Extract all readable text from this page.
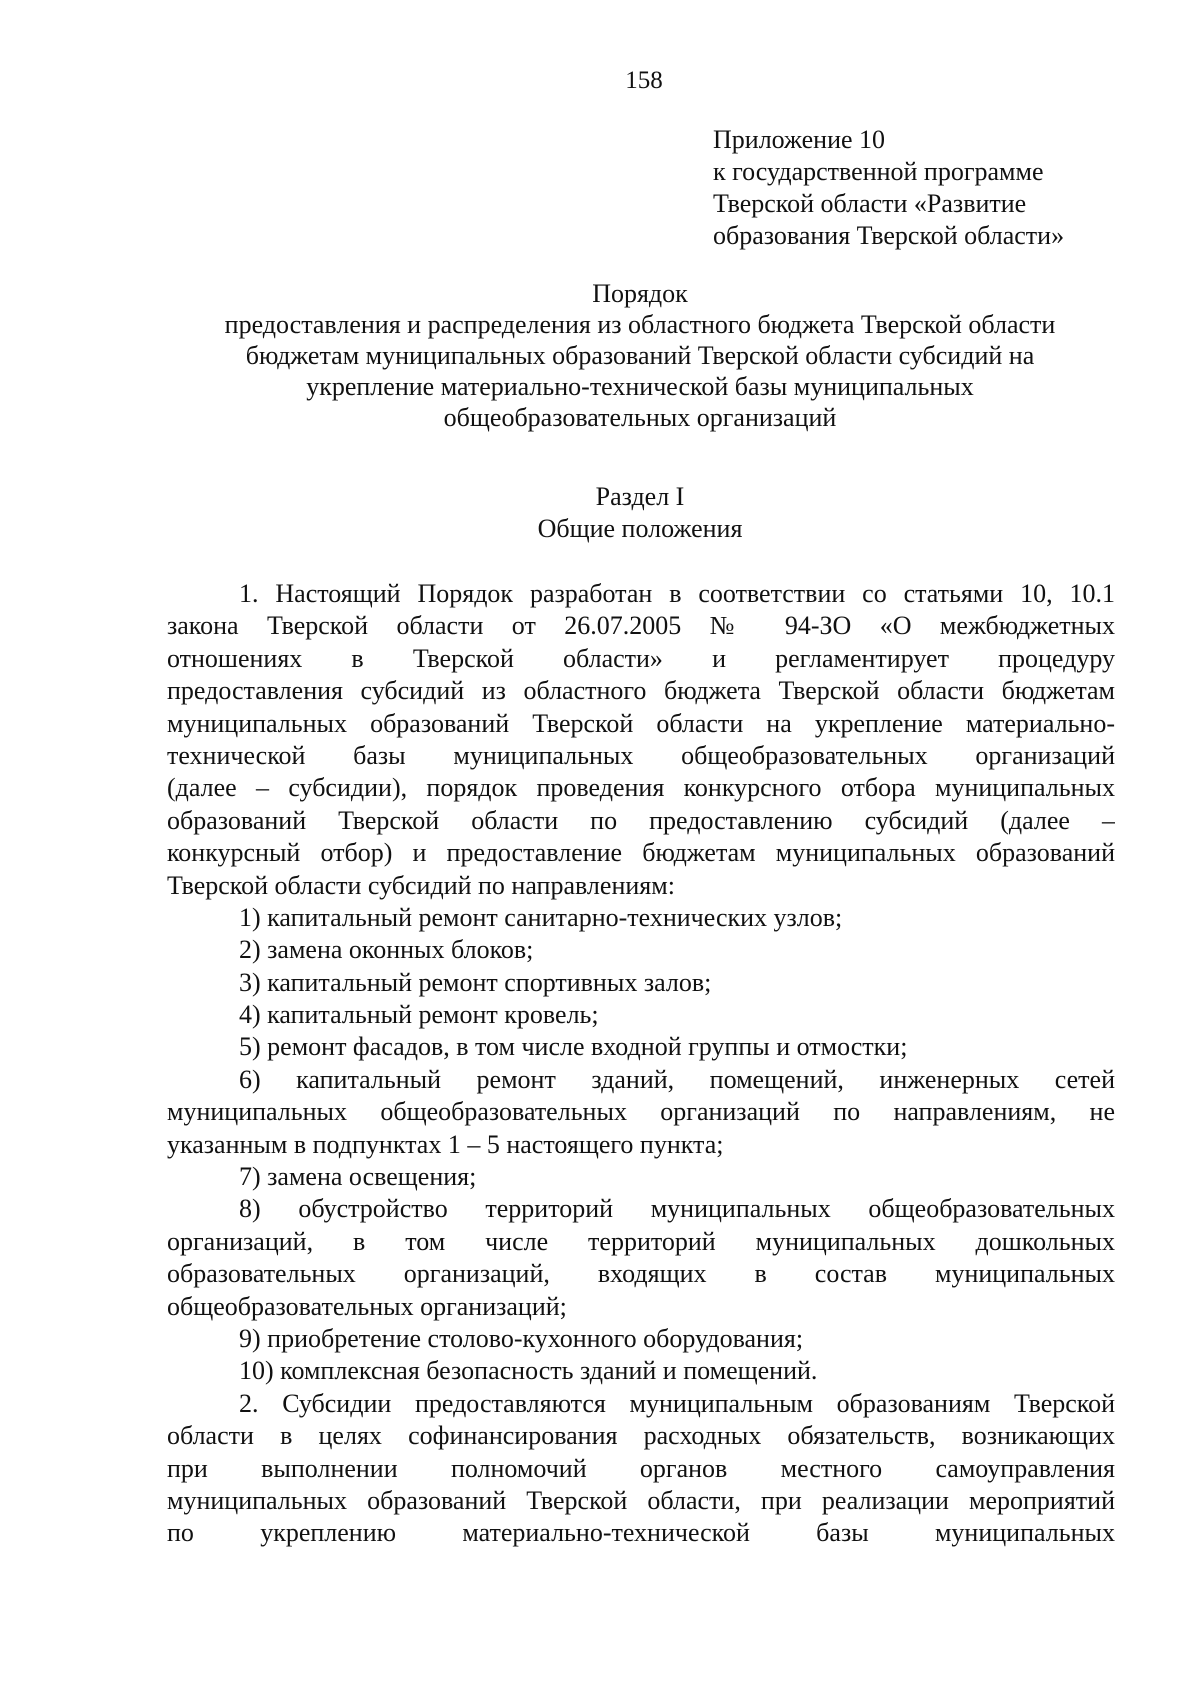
158
Приложение 10
к государственной программе
Тверской области «Развитие
образования Тверской области»
Порядок
предоставления и распределения из областного бюджета Тверской области
бюджетам муниципальных образований Тверской области субсидий на
укрепление материально-технической базы муниципальных
общеобразовательных организаций
Раздел I
Общие положения
1. Настоящий Порядок разработан в соответствии со статьями 10, 10.1
закона Тверской области от 26.07.2005 № 94-ЗО «О межбюджетных
отношениях в Тверской области» и регламентирует процедуру
предоставления субсидий из областного бюджета Тверской области бюджетам
муниципальных образований Тверской области на укрепление материально-
технической базы муниципальных общеобразовательных организаций
(далее – субсидии), порядок проведения конкурсного отбора муниципальных
образований Тверской области по предоставлению субсидий (далее –
конкурсный отбор) и предоставление бюджетам муниципальных образований
Тверской области субсидий по направлениям:
1) капитальный ремонт санитарно-технических узлов;
2) замена оконных блоков;
3) капитальный ремонт спортивных залов;
4) капитальный ремонт кровель;
5) ремонт фасадов, в том числе входной группы и отмостки;
6) капитальный ремонт зданий, помещений, инженерных сетей
муниципальных общеобразовательных организаций по направлениям, не
указанным в подпунктах 1 – 5 настоящего пункта;
7) замена освещения;
8) обустройство территорий муниципальных общеобразовательных
организаций, в том числе территорий муниципальных дошкольных
образовательных организаций, входящих в состав муниципальных
общеобразовательных организаций;
9) приобретение столово-кухонного оборудования;
10) комплексная безопасность зданий и помещений.
2. Субсидии предоставляются муниципальным образованиям Тверской
области в целях софинансирования расходных обязательств, возникающих
при выполнении полномочий органов местного самоуправления
муниципальных образований Тверской области, при реализации мероприятий
по укреплению материально-технической базы муниципальных
